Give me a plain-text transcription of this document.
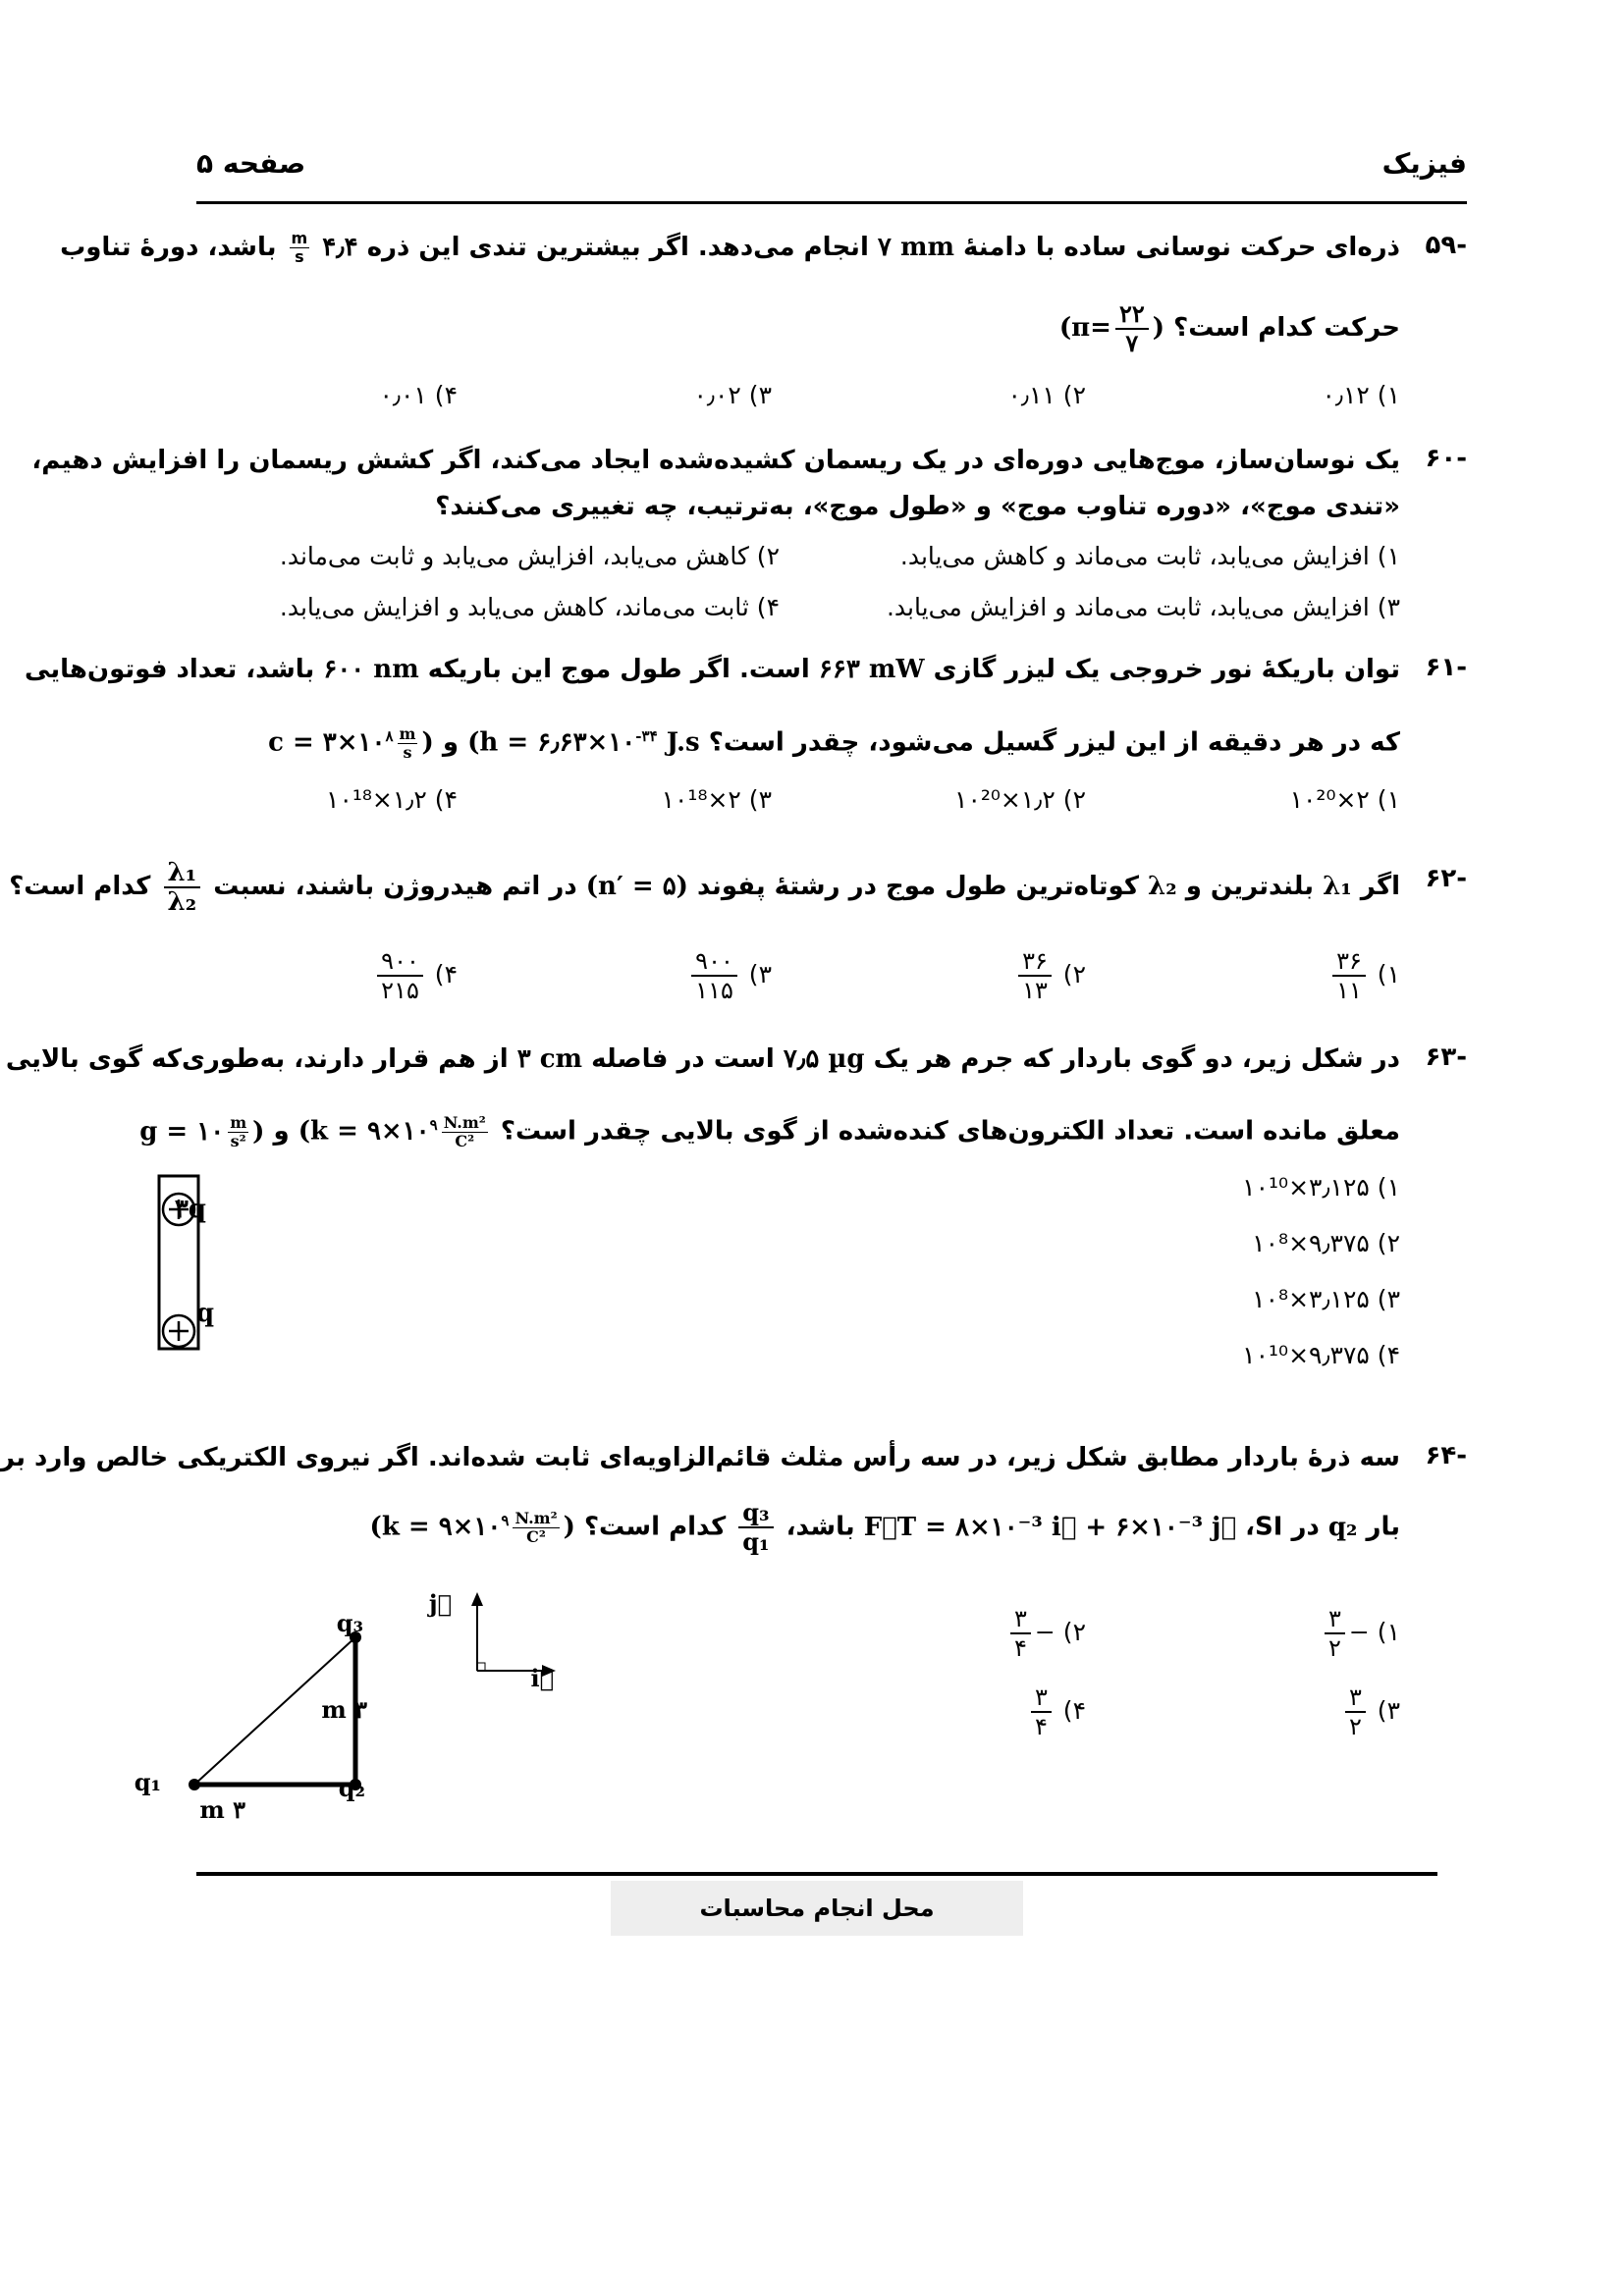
فیزیک
صفحه ۵
-۵۹
ذره‌ای حرکت نوسانی ساده با دامنهٔ ۷ mm انجام می‌دهد. اگر بیشترین تندی این ذره ۴٫۴
$\frac{m}{s}$
باشد، دورهٔ تناوب
حرکت کدام است؟ ($\pi= \frac{۲۲}{۷}$ )
۱) ۰٫۱۲
۲) ۰٫۱۱
۳) ۰٫۰۲
۴) ۰٫۰۱
-۶۰
یک نوسان‌ساز، موج‌هایی دوره‌ای در یک ریسمان کشیده‌شده ایجاد می‌کند، اگر کشش ریسمان را افزایش دهیم،
«تندی موج»، «دوره تناوب موج» و «طول موج»، به‌ترتیب، چه تغییری می‌کنند؟
۱) افزایش می‌یابد، ثابت می‌ماند و کاهش می‌یابد.
۲) کاهش می‌یابد، افزایش می‌یابد و ثابت می‌ماند.
۳) افزایش می‌یابد، ثابت می‌ماند و افزایش می‌یابد.
۴) ثابت می‌ماند، کاهش می‌یابد و افزایش می‌یابد.
-۶۱
توان باریکهٔ نور خروجی یک لیزر گازی ۶۶۳ mW است. اگر طول موج این باریکه ۶۰۰ nm باشد، تعداد فوتون‌هایی
که در هر دقیقه از این لیزر گسیل می‌شود، چقدر است؟ ($h = ۶٫۶۳\times ۱۰^{-۳۴}$ J.s و $c = ۳\times ۱۰^۸ \frac{m}{s}$ )
۱) ۲×۱۰²⁰
۲) ۱٫۲×۱۰²⁰
۳) ۲×۱۰¹⁸
۴) ۱٫۲×۱۰¹⁸
-۶۲
اگر λ₁ بلندترین و λ₂ کوتاه‌ترین طول موج در رشتهٔ پفوند (n′ = ۵) در اتم هیدروژن باشند، نسبت
$\frac{\text{λ₁}}{\text{λ₂}}$
کدام است؟
۱)
$\frac{۳۶}{۱۱}$
۲)
$\frac{۳۶}{۱۳}$
۳)
$\frac{۹۰۰}{۱۱۵}$
۴)
$\frac{۹۰۰}{۲۱۵}$
-۶۳
در شکل زیر، دو گوی باردار که جرم هر یک ۷٫۵ µg است در فاصله ۳ cm از هم قرار دارند، به‌طوری‌که گوی بالایی
معلق مانده است. تعداد الکترون‌های کنده‌شده از گوی بالایی چقدر است؟ ($k = ۹\times ۱۰^۹ \frac{\text{N.m²}}{\text{C²}}$
و g = ۱۰ $\frac{m}{\text{s²}}$ )
۱) ۳٫۱۲۵×۱۰¹⁰
۲) ۹٫۳۷۵×۱۰⁸
۳) ۳٫۱۲۵×۱۰⁸
۴) ۹٫۳۷۵×۱۰¹⁰
۳q
q
-۶۴
سه ذرهٔ باردار مطابق شکل زیر، در سه رأس مثلث قائم‌الزاویه‌ای ثابت شده‌اند. اگر نیروی الکتریکی خالص وارد بر
بار q₂ در SI، F⃗T = ۸×۱۰⁻³ i⃗ + ۶×۱۰⁻³ j⃗ باشد،
$\frac{\text{q₃}}{\text{q₁}}$
کدام است؟ ($k = ۹\times ۱۰^۹ \frac{\text{N.m²}}{\text{C²}}$ )
۱) −
$\frac{۳}{۲}$
۲) −
$\frac{۳}{۴}$
۳)
$\frac{۳}{۲}$
۴)
$\frac{۳}{۴}$
q₁	q₂
q₃
۳ m
۳ m
j⃗
i⃗
محل انجام محاسبات
